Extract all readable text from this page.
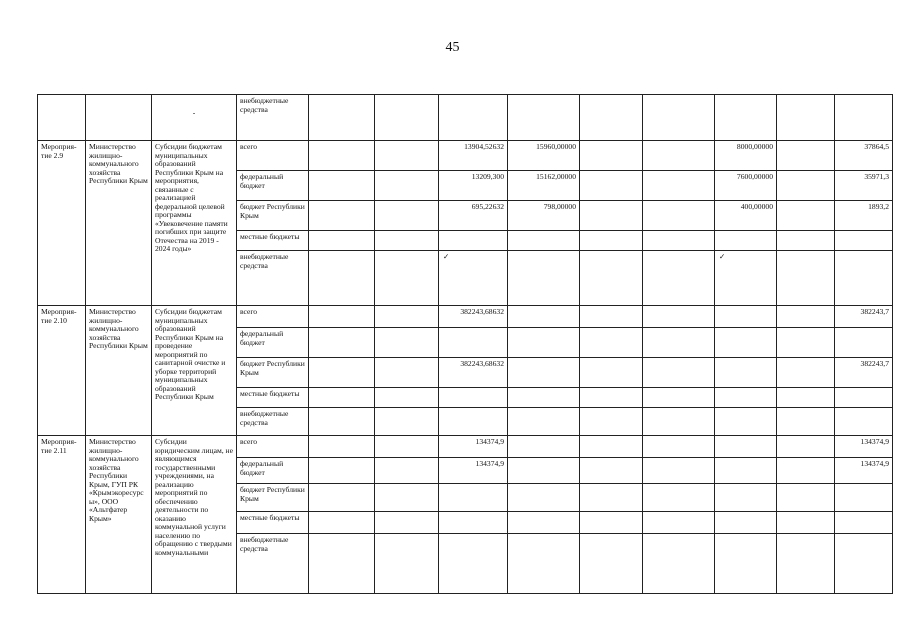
45
		-	внебюджетные средства									
Мероприя-тие 2.9	Министерство жилищно-коммунального хозяйства Республики Крым	Субсидии бюджетам муниципальных образований Республики Крым на мероприятия, связанные с реализацией федеральной целевой программы «Увековечение памяти погибших при защите Отечества на 2019 - 2024 годы»	всего			13904,52632	15960,00000			8000,00000		37864,5
			федеральный бюджет			13209,300	15162,00000			7600,00000		35971,3
			бюджет Республики Крым			695,22632	798,00000			400,00000		1893,2
			местные бюджеты									
			внебюджетные средства			✓				✓		
Мероприя-тие 2.10	Министерство жилищно-коммунального хозяйства Республики Крым	Субсидии бюджетам муниципальных образований Республики Крым на проведение мероприятий по санитарной очистке и уборке территорий муниципальных образований Республики Крым	всего			382243,68632						382243,7
			федеральный бюджет									
			бюджет Республики Крым			382243,68632						382243,7
			местные бюджеты									
			внебюджетные средства									
Мероприя-тие 2.11	Министерство жилищно-коммунального хозяйства Республики Крым, ГУП РК «Крымэкоресурсы», ООО «Альтфатер Крым»	Субсидии юридическим лицам, не являющимся государственными учреждениями, на реализацию мероприятий по обеспечению деятельности по оказанию коммунальной услуги населению по обращению с твердыми коммунальными	всего			134374,9						134374,9
			федеральный бюджет			134374,9						134374,9
			бюджет Республики Крым									
			местные бюджеты									
			внебюджетные средства									
